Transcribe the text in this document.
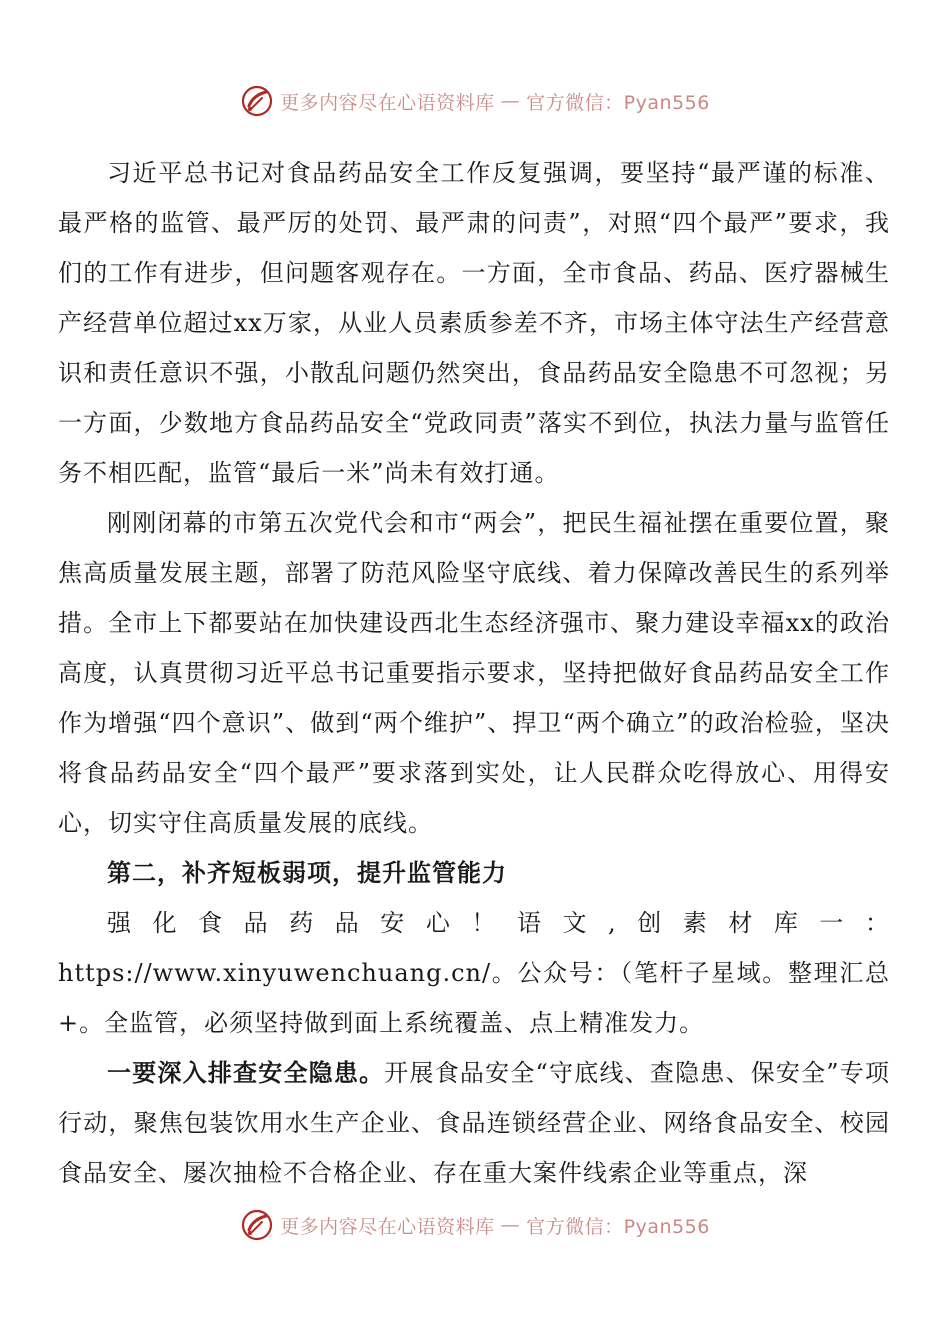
更多内容尽在心语资料库 — 官方微信：Pyan556

习近平总书记对食品药品安全工作反复强调，要坚持“最严谨的标准、最严格的监管、最严厉的处罚、最严肃的问责”，对照“四个最严”要求，我们的工作有进步，但问题客观存在。一方面，全市食品、药品、医疗器械生产经营单位超过xx万家，从业人员素质参差不齐，市场主体守法生产经营意识和责任意识不强，小散乱问题仍然突出，食品药品安全隐患不可忽视；另一方面，少数地方食品药品安全“党政同责”落实不到位，执法力量与监管任务不相匹配，监管“最后一米”尚未有效打通。

刚刚闭幕的市第五次党代会和市“两会”，把民生福祉摆在重要位置，聚焦高质量发展主题，部署了防范风险坚守底线、着力保障改善民生的系列举措。全市上下都要站在加快建设西北生态经济强市、聚力建设幸福xx的政治高度，认真贯彻习近平总书记重要指示要求，坚持把做好食品药品安全工作作为增强“四个意识”、做到“两个维护”、捍卫“两个确立”的政治检验，坚决将食品药品安全“四个最严”要求落到实处，让人民群众吃得放心、用得安心，切实守住高质量发展的底线。

第二，补齐短板弱项，提升监管能力

强化食品药品安心！语文,创素材库一：https://www.xinyuwenchuang.cn/。公众号：（笔杆子星域。整理汇总+。全监管，必须坚持做到面上系统覆盖、点上精准发力。

一要深入排查安全隐患。开展食品安全“守底线、查隐患、保安全”专项行动，聚焦包装饮用水生产企业、食品连锁经营企业、网络食品安全、校园食品安全、屡次抽检不合格企业、存在重大案件线索企业等重点，深

更多内容尽在心语资料库 — 官方微信：Pyan556
